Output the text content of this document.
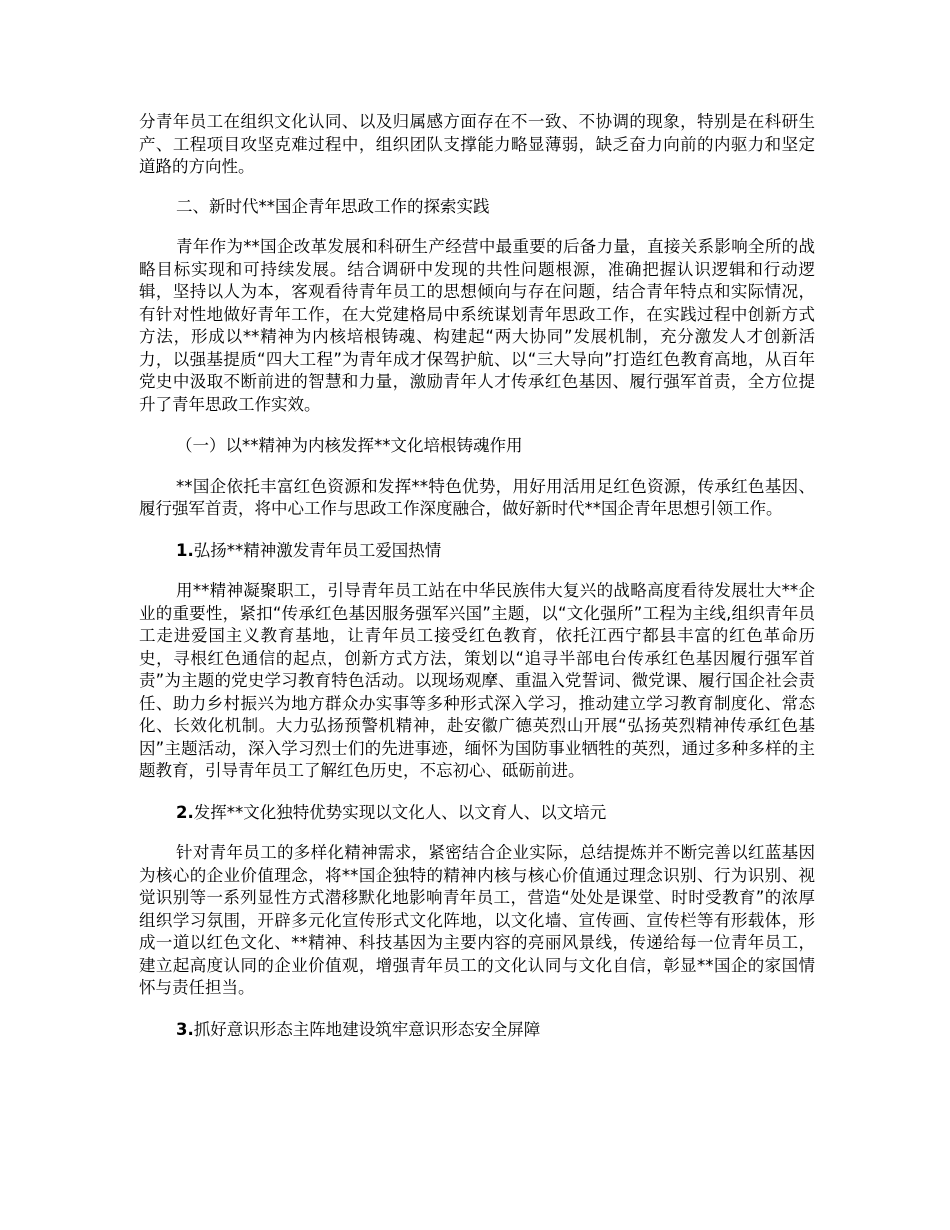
分青年员工在组织文化认同、以及归属感方面存在不一致、不协调的现象，特别是在科研生产、工程项目攻坚克难过程中，组织团队支撑能力略显薄弱，缺乏奋力向前的内驱力和坚定道路的方向性。

二、新时代**国企青年思政工作的探索实践

青年作为**国企改革发展和科研生产经营中最重要的后备力量，直接关系影响全所的战略目标实现和可持续发展。结合调研中发现的共性问题根源，准确把握认识逻辑和行动逻辑，坚持以人为本，客观看待青年员工的思想倾向与存在问题，结合青年特点和实际情况，有针对性地做好青年工作，在大党建格局中系统谋划青年思政工作，在实践过程中创新方式方法，形成以**精神为内核培根铸魂、构建起“两大协同”发展机制，充分激发人才创新活力，以强基提质“四大工程”为青年成才保驾护航、以“三大导向”打造红色教育高地，从百年党史中汲取不断前进的智慧和力量，激励青年人才传承红色基因、履行强军首责，全方位提升了青年思政工作实效。

（一）以**精神为内核发挥**文化培根铸魂作用

**国企依托丰富红色资源和发挥**特色优势，用好用活用足红色资源，传承红色基因、履行强军首责，将中心工作与思政工作深度融合，做好新时代**国企青年思想引领工作。

1.弘扬**精神激发青年员工爱国热情

用**精神凝聚职工，引导青年员工站在中华民族伟大复兴的战略高度看待发展壮大**企业的重要性，紧扣“传承红色基因服务强军兴国”主题，以“文化强所”工程为主线,组织青年员工走进爱国主义教育基地，让青年员工接受红色教育，依托江西宁都县丰富的红色革命历史，寻根红色通信的起点，创新方式方法，策划以“追寻半部电台传承红色基因履行强军首责”为主题的党史学习教育特色活动。以现场观摩、重温入党誓词、微党课、履行国企社会责任、助力乡村振兴为地方群众办实事等多种形式深入学习，推动建立学习教育制度化、常态化、长效化机制。大力弘扬预警机精神，赴安徽广德英烈山开展“弘扬英烈精神传承红色基因”主题活动，深入学习烈士们的先进事迹，缅怀为国防事业牺牲的英烈，通过多种多样的主题教育，引导青年员工了解红色历史，不忘初心、砥砺前进。

2.发挥**文化独特优势实现以文化人、以文育人、以文培元

针对青年员工的多样化精神需求，紧密结合企业实际，总结提炼并不断完善以红蓝基因为核心的企业价值理念，将**国企独特的精神内核与核心价值通过理念识别、行为识别、视觉识别等一系列显性方式潜移默化地影响青年员工，营造“处处是课堂、时时受教育”的浓厚组织学习氛围，开辟多元化宣传形式文化阵地，以文化墙、宣传画、宣传栏等有形载体，形成一道以红色文化、**精神、科技基因为主要内容的亮丽风景线，传递给每一位青年员工，建立起高度认同的企业价值观，增强青年员工的文化认同与文化自信，彰显**国企的家国情怀与责任担当。

3.抓好意识形态主阵地建设筑牢意识形态安全屏障
